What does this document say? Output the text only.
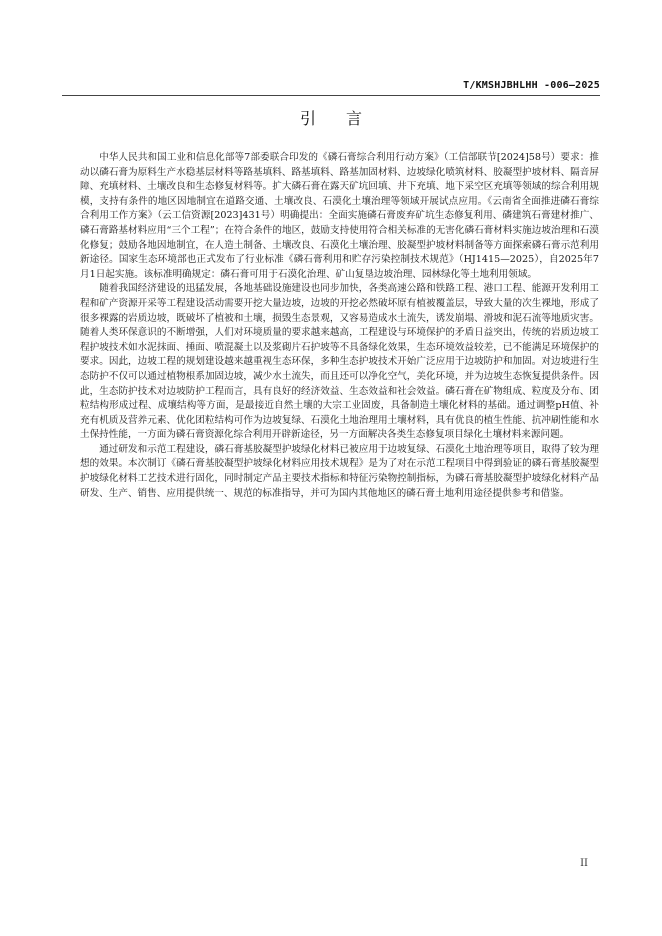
T/KMSHJBHLHH -006—2025
引言

中华人民共和国工业和信息化部等7部委联合印发的《磷石膏综合利用行动方案》（工信部联节[2024]58号）要求：推动以磷石膏为原料生产水稳基层材料等路基填料、路基填料、路基加固材料、边坡绿化喷筑材料、胶凝型护坡材料、隔音屏障、充填材料、土壤改良和生态修复材料等。扩大磷石膏在露天矿坑回填、井下充填、地下采空区充填等领域的综合利用规模，支持有条件的地区因地制宜在道路交通、土壤改良、石漠化土壤治理等领域开展试点应用。《云南省全面推进磷石膏综合利用工作方案》（云工信资源[2023]431号）明确提出：全面实施磷石膏废弃矿坑生态修复利用、磷建筑石膏建材推广、磷石膏路基材料应用“三个工程”；在符合条件的地区，鼓励支持使用符合相关标准的无害化磷石膏材料实施边坡治理和石漠化修复；鼓励各地因地制宜，在人造土制备、土壤改良、石漠化土壤治理、胶凝型护坡材料制备等方面探索磷石膏示范利用新途径。国家生态环境部也正式发布了行业标准《磷石膏利用和贮存污染控制技术规范》（HJ1415—2025），自2025年7月1日起实施。该标准明确规定：磷石膏可用于石漠化治理、矿山复垦边坡治理、园林绿化等土地利用领域。

随着我国经济建设的迅猛发展，各地基础设施建设也同步加快，各类高速公路和铁路工程、港口工程、能源开发利用工程和矿产资源开采等工程建设活动需要开挖大量边坡，边坡的开挖必然破坏原有植被覆盖层，导致大量的次生裸地，形成了很多裸露的岩质边坡，既破坏了植被和土壤，损毁生态景观，又容易造成水土流失，诱发崩塌、滑坡和泥石流等地质灾害。随着人类环保意识的不断增强，人们对环境质量的要求越来越高，工程建设与环境保护的矛盾日益突出，传统的岩质边坡工程护坡技术如水泥抹面、捶面、喷混凝土以及浆砌片石护坡等不具备绿化效果，生态环境效益较差，已不能满足环境保护的要求。因此，边坡工程的规划建设越来越重视生态环保，多种生态护坡技术开始广泛应用于边坡防护和加固。对边坡进行生态防护不仅可以通过植物根系加固边坡，减少水土流失，而且还可以净化空气，美化环境，并为边坡生态恢复提供条件。因此，生态防护技术对边坡防护工程而言，具有良好的经济效益、生态效益和社会效益。磷石膏在矿物组成、粒度及分布、团粒结构形成过程、成壤结构等方面，是最接近自然土壤的大宗工业固废，具备制造土壤化材料的基础。通过调整pH值、补充有机质及营养元素、优化团粒结构可作为边坡复绿、石漠化土地治理用土壤材料，具有优良的植生性能、抗冲刷性能和水土保持性能，一方面为磷石膏资源化综合利用开辟新途径，另一方面解决各类生态修复项目绿化土壤材料来源问题。

通过研发和示范工程建设，磷石膏基胶凝型护坡绿化材料已被应用于边坡复绿、石漠化土地治理等项目，取得了较为理想的效果。本次制订《磷石膏基胶凝型护坡绿化材料应用技术规程》是为了对在示范工程项目中得到验证的磷石膏基胶凝型护坡绿化材料工艺技术进行固化，同时制定产品主要技术指标和特征污染物控制指标，为磷石膏基胶凝型护坡绿化材料产品研发、生产、销售、应用提供统一、规范的标准指导，并可为国内其他地区的磷石膏土地利用途径提供参考和借鉴。

II
